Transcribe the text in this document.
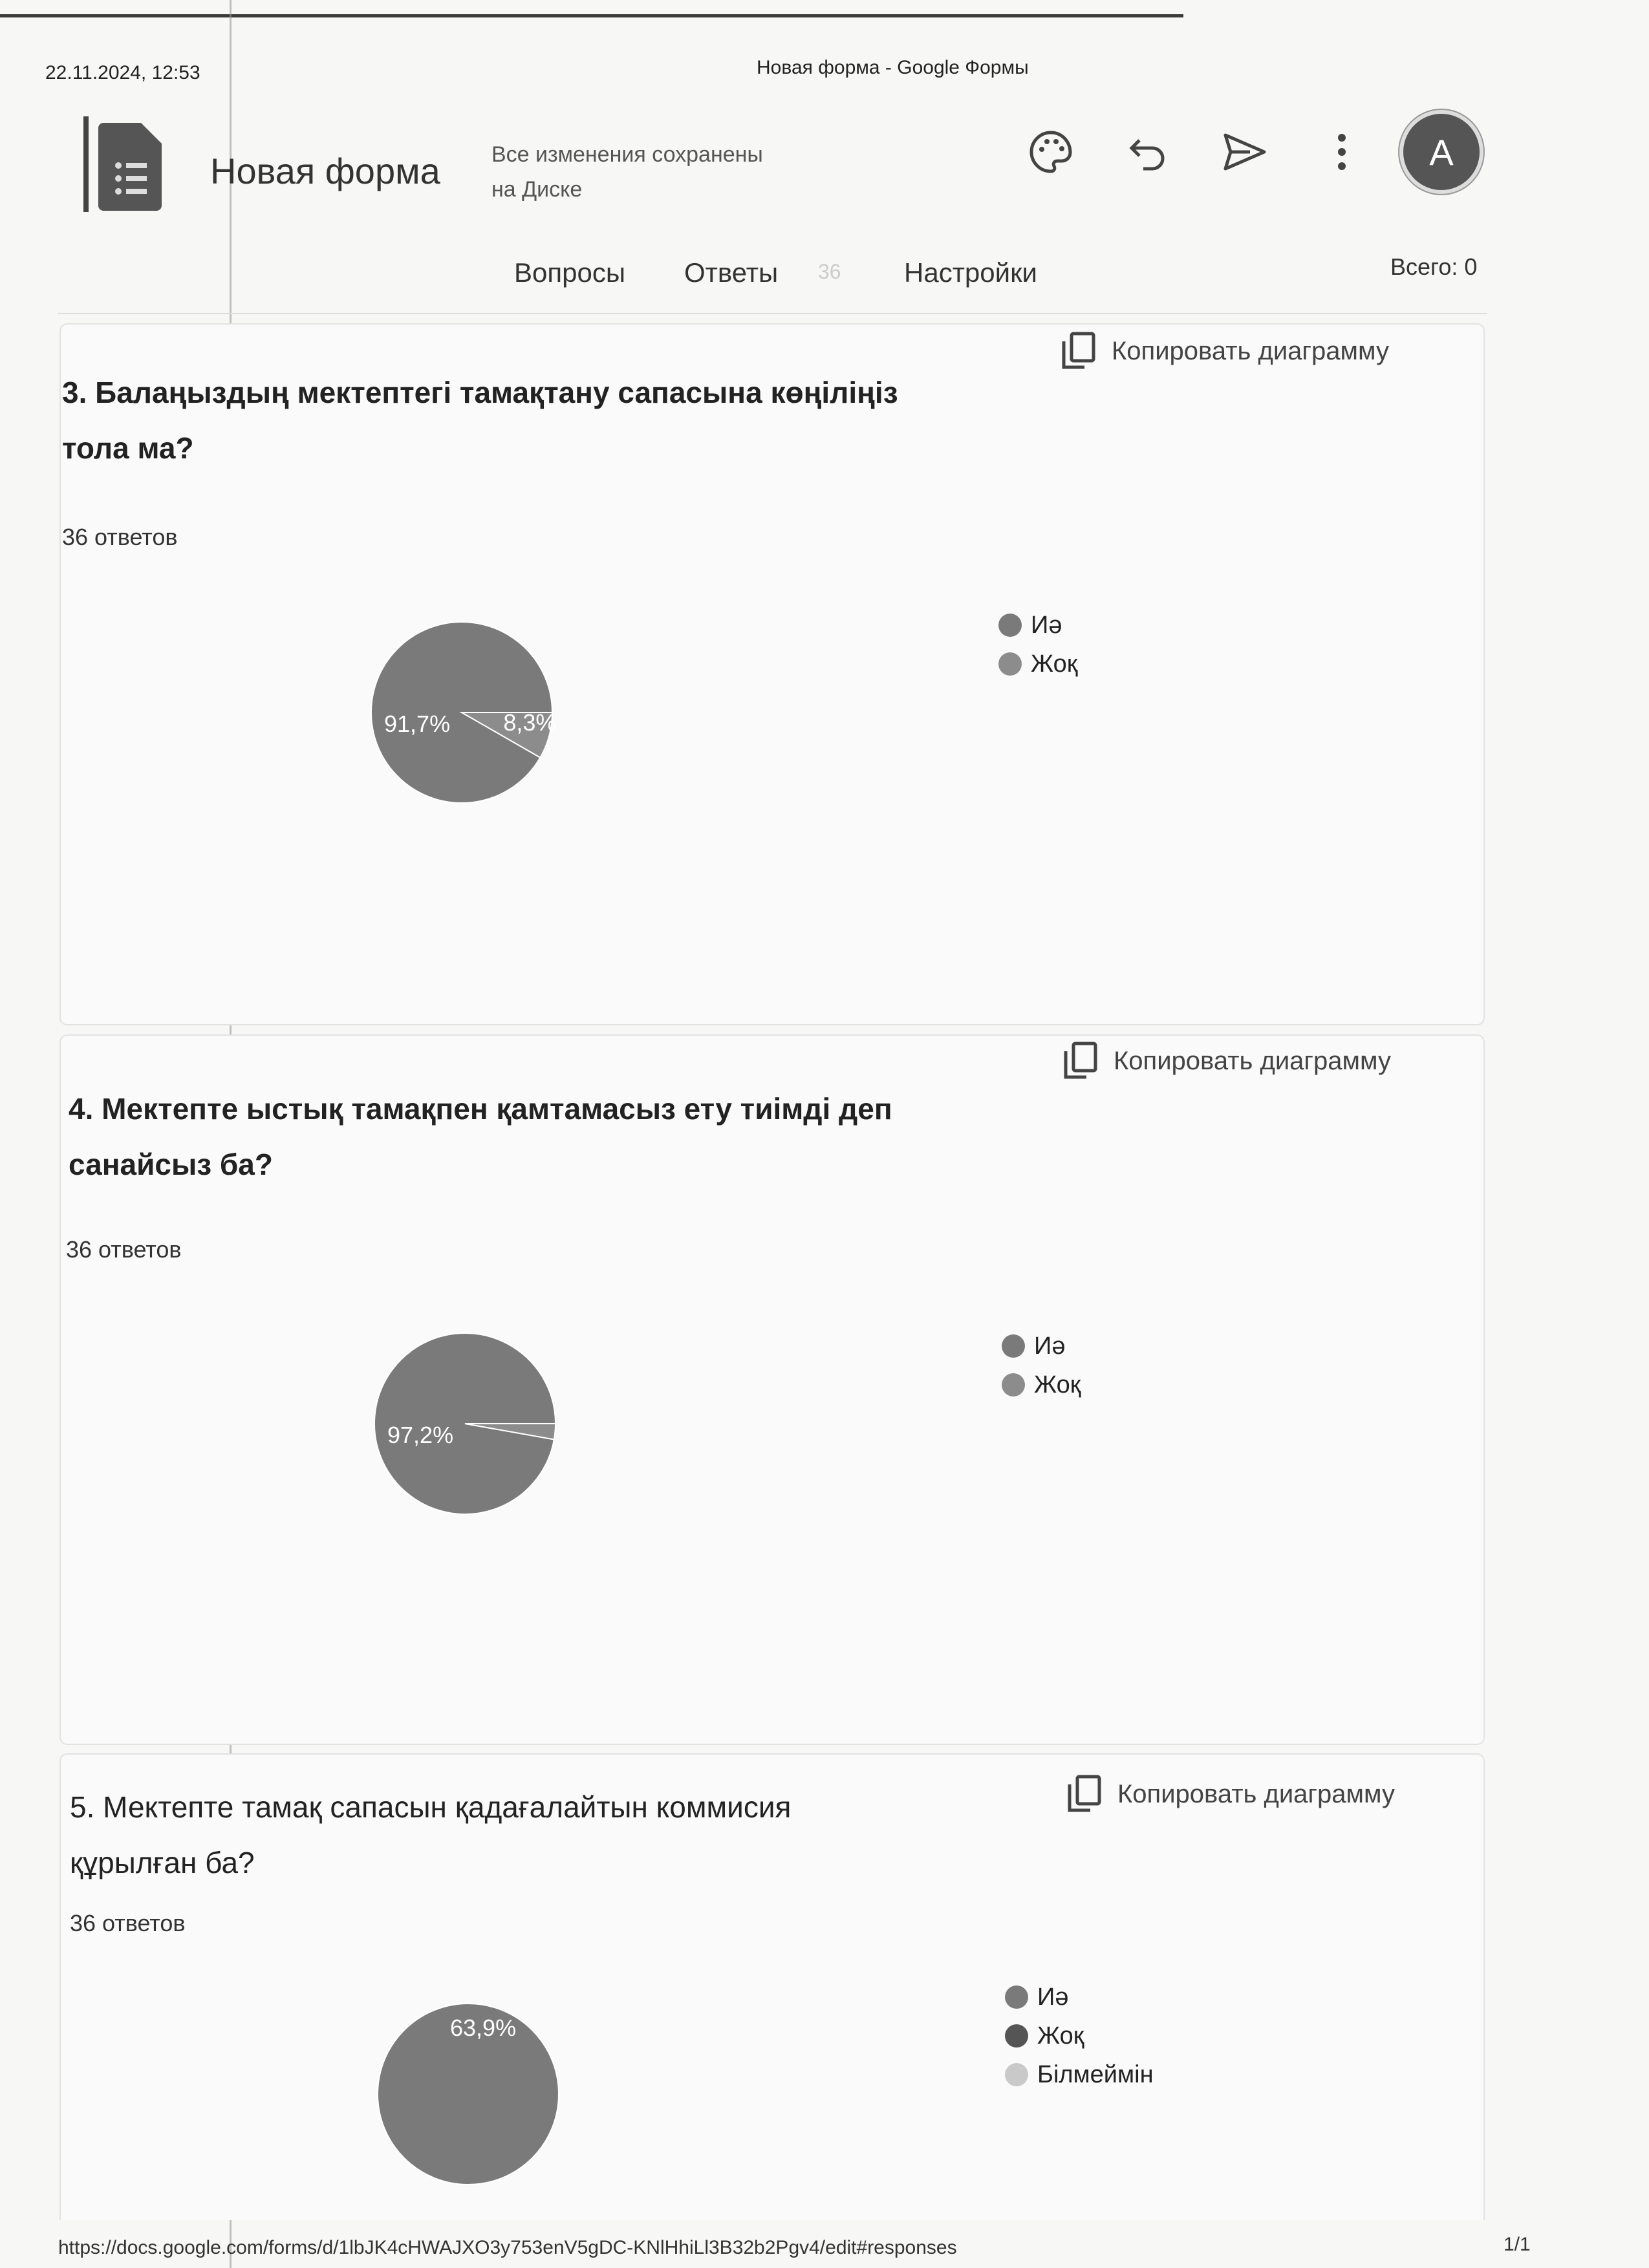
22.11.2024, 12:53	Новая форма - Google Формы
Новая форма Все изменения сохранены
на Диске
A
Вопросы Ответы 36 Настройки	Всего: 0
3. Балаңыздың мектептегі тамақтану сапасына көңіліңіз
тола ма?
36 ответов
Копировать диаграмму
91,7% 8,3%
Иә
Жоқ
4. Мектепте ыстық тамақпен қамтамасыз ету тиімді деп
санайсыз ба?
36 ответов
Копировать диаграмму
97,2%
Иә
Жоқ
5. Мектепте тамақ сапасын қадағалайтын коммисия
құрылған ба?
36 ответов
Копировать диаграмму
63,9%
Иә
Жоқ
Білмеймін
https://docs.google.com/forms/d/1lbJK4cHWAJXO3y753enV5gDC-KNlHhiLl3B32b2Pgv4/edit#responses	1/1
